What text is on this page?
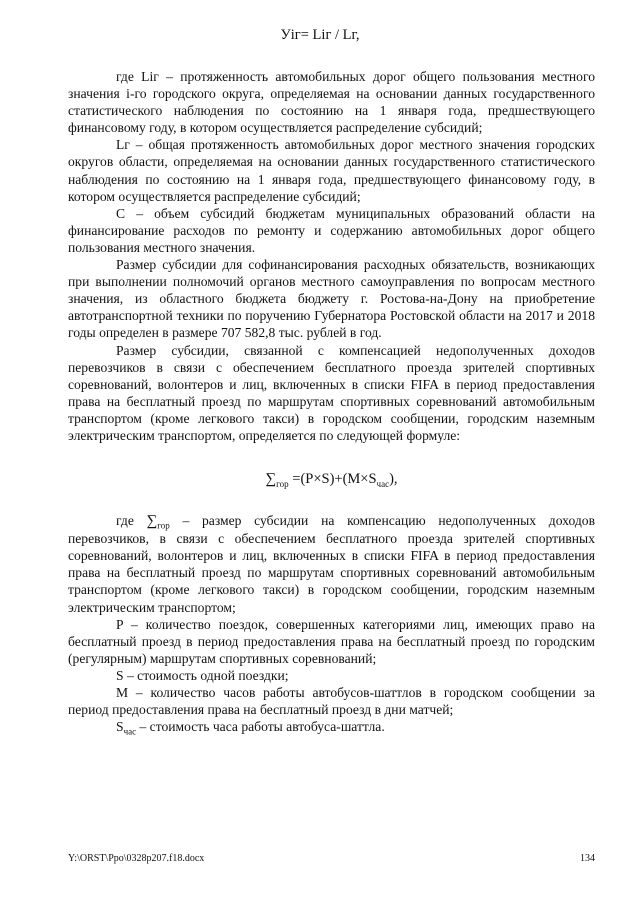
Уiг= Liг / Lг,

где Liг – протяженность автомобильных дорог общего пользования местного значения i-го городского округа, определяемая на основании данных государственного статистического наблюдения по состоянию на 1 января года, предшествующего финансовому году, в котором осуществляется распределение субсидий;

Lг – общая протяженность автомобильных дорог местного значения городских округов области, определяемая на основании данных государственного статистического наблюдения по состоянию на 1 января года, предшествующего финансовому году, в котором осуществляется распределение субсидий;

С – объем субсидий бюджетам муниципальных образований области на финансирование расходов по ремонту и содержанию автомобильных дорог общего пользования местного значения.

Размер субсидии для софинансирования расходных обязательств, возникающих при выполнении полномочий органов местного самоуправления по вопросам местного значения, из областного бюджета бюджету г. Ростова-на-Дону на приобретение автотранспортной техники по поручению Губернатора Ростовской области на 2017 и 2018 годы определен в размере 707 582,8 тыс. рублей в год.

Размер субсидии, связанной с компенсацией недополученных доходов перевозчиков в связи с обеспечением бесплатного проезда зрителей спортивных соревнований, волонтеров и лиц, включенных в списки FIFA в период предоставления права на бесплатный проезд по маршрутам спортивных соревнований автомобильным транспортом (кроме легкового такси) в городском сообщении, городским наземным электрическим транспортом, определяется по следующей формуле:

$\sum_{гор} =(P\times S)+(M\times S_{час})$,

где $\sum_{гор}$ – размер субсидии на компенсацию недополученных доходов перевозчиков, в связи с обеспечением бесплатного проезда зрителей спортивных соревнований, волонтеров и лиц, включенных в списки FIFA в период предоставления права на бесплатный проезд по маршрутам спортивных соревнований автомобильным транспортом (кроме легкового такси) в городском сообщении, городским наземным электрическим транспортом;

P – количество поездок, совершенных категориями лиц, имеющих право на бесплатный проезд в период предоставления права на бесплатный проезд по городским (регулярным) маршрутам спортивных соревнований;

S – стоимость одной поездки;

M – количество часов работы автобусов-шаттлов в городском сообщении за период предоставления права на бесплатный проезд в дни матчей;

$S_{час}$ – стоимость часа работы автобуса-шаттла.

Y:\ORST\Ppo\0328p207.f18.docx	134
